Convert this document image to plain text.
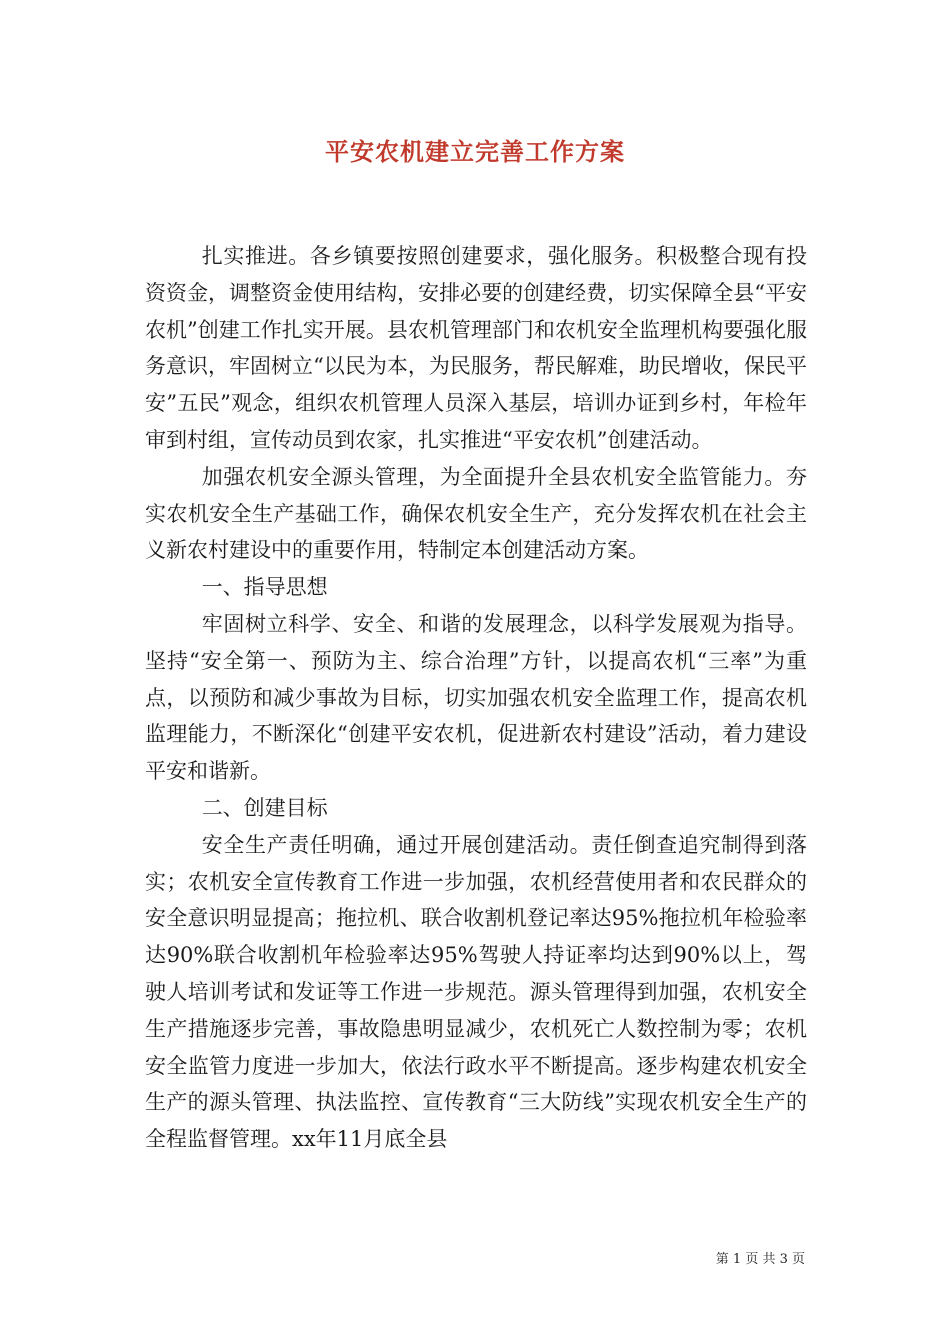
平安农机建立完善工作方案

扎实推进。各乡镇要按照创建要求，强化服务。积极整合现有投资资金，调整资金使用结构，安排必要的创建经费，切实保障全县“平安农机”创建工作扎实开展。县农机管理部门和农机安全监理机构要强化服务意识，牢固树立“以民为本，为民服务，帮民解难，助民增收，保民平安”五民”观念，组织农机管理人员深入基层，培训办证到乡村，年检年审到村组，宣传动员到农家，扎实推进“平安农机”创建活动。

加强农机安全源头管理，为全面提升全县农机安全监管能力。夯实农机安全生产基础工作，确保农机安全生产，充分发挥农机在社会主义新农村建设中的重要作用，特制定本创建活动方案。

一、指导思想

牢固树立科学、安全、和谐的发展理念，以科学发展观为指导。坚持“安全第一、预防为主、综合治理”方针，以提高农机“三率”为重点，以预防和减少事故为目标，切实加强农机安全监理工作，提高农机监理能力，不断深化“创建平安农机，促进新农村建设”活动，着力建设平安和谐新。

二、创建目标

安全生产责任明确，通过开展创建活动。责任倒查追究制得到落实；农机安全宣传教育工作进一步加强，农机经营使用者和农民群众的安全意识明显提高；拖拉机、联合收割机登记率达95%拖拉机年检验率达90%联合收割机年检验率达95%驾驶人持证率均达到90%以上，驾驶人培训考试和发证等工作进一步规范。源头管理得到加强，农机安全生产措施逐步完善，事故隐患明显减少，农机死亡人数控制为零；农机安全监管力度进一步加大，依法行政水平不断提高。逐步构建农机安全生产的源头管理、执法监控、宣传教育“三大防线”实现农机安全生产的全程监督管理。xx年11月底全县

第 1 页 共 3 页
